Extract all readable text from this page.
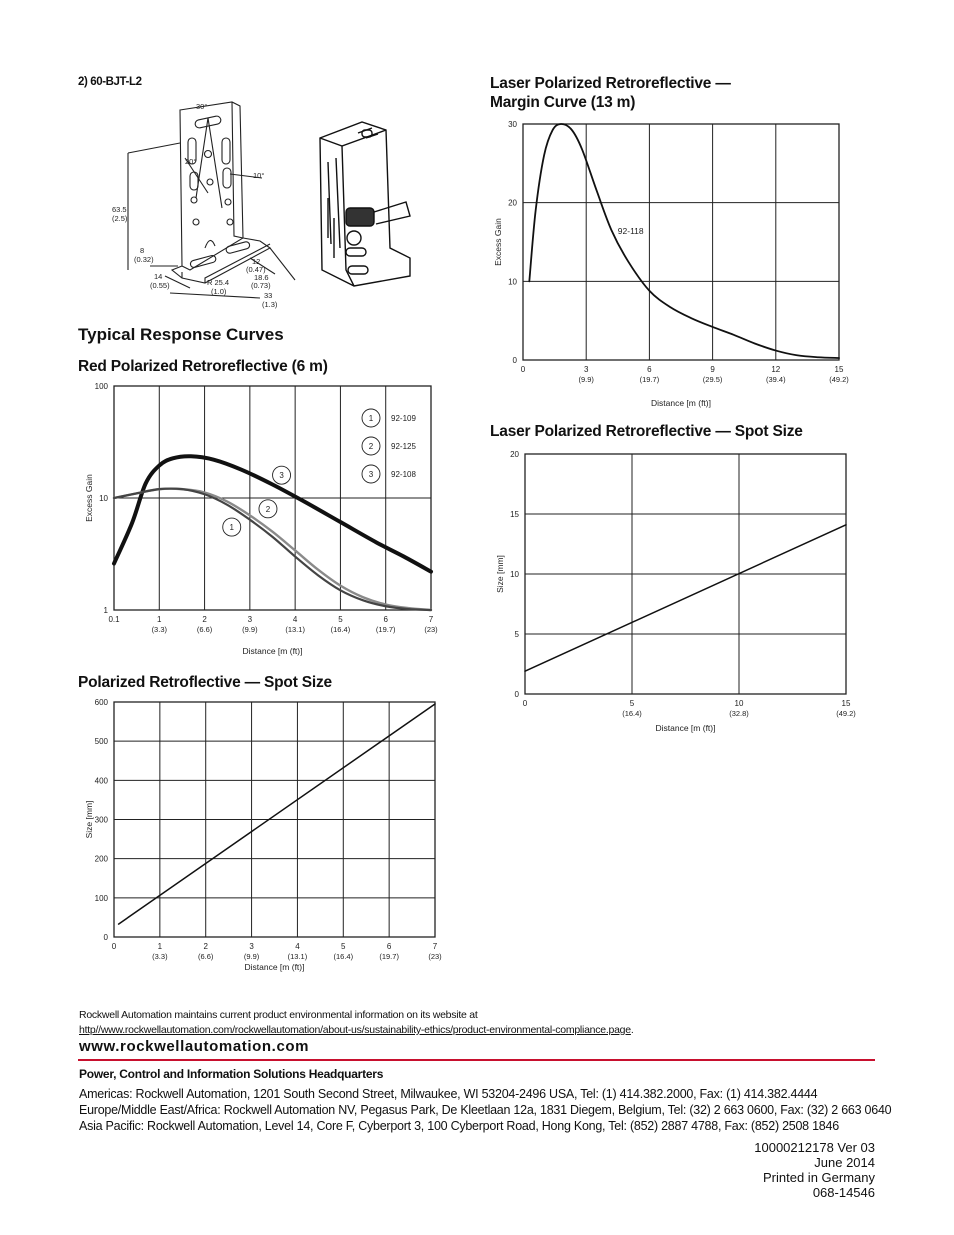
2) 60-BJT-L2
30°
20°
10°
63.5
(2.5)
8
(0.32)
14
(0.55)	R 25.4
(1.0)
12
(0.47)
18.6
(0.73)
33
(1.3)
Typical Response Curves
Red Polarized Retroreflective (6 m)
Polarized Retroflective — Spot Size
Laser Polarized Retroreflective —
Margin Curve (13 m)
Laser Polarized Retroreflective — Spot Size
1
10
100
0.1	1
(3.3)
2
(6.6)
3
(9.9)
4
(13.1)
5
(16.4)
6
(19.7)
7
(23)
Distance [m (ft)]
Excess Gain	3
2
1
1 92-109
2 92-125
3 92-108
0
100
200
300
400
500
600
0	1
(3.3)
2
(6.6)
3
(9.9)
4
(13.1)
5
(16.4)
6
(19.7)
7
(23)
Distance [m (ft)]
Size [mm]
0
10
20
30
0	3
(9.9)
6
(19.7)
9
(29.5)
12
(39.4)
15
(49.2)
Distance [m (ft)]
Excess Gain	92-118
0
5
10
15
20
0	5
(16.4)
10
(32.8)
15
(49.2)
Distance [m (ft)]
Size [mm]
Rockwell Automation maintains current product environmental information on its website at
http//www.rockwellautomation.com/rockwellautomation/about-us/sustainability-ethics/product-environmental-compliance.page.
www.rockwellautomation.com
Power, Control and Information Solutions Headquarters
Americas: Rockwell Automation, 1201 South Second Street, Milwaukee, WI 53204-2496 USA, Tel: (1) 414.382.2000, Fax: (1) 414.382.4444
Europe/Middle East/Africa: Rockwell Automation NV, Pegasus Park, De Kleetlaan 12a, 1831 Diegem, Belgium, Tel: (32) 2 663 0600, Fax: (32) 2 663 0640
Asia Pacific: Rockwell Automation, Level 14, Core F, Cyberport 3, 100 Cyberport Road, Hong Kong, Tel: (852) 2887 4788, Fax: (852) 2508 1846
10000212178 Ver 03
June 2014
Printed in Germany
068-14546
